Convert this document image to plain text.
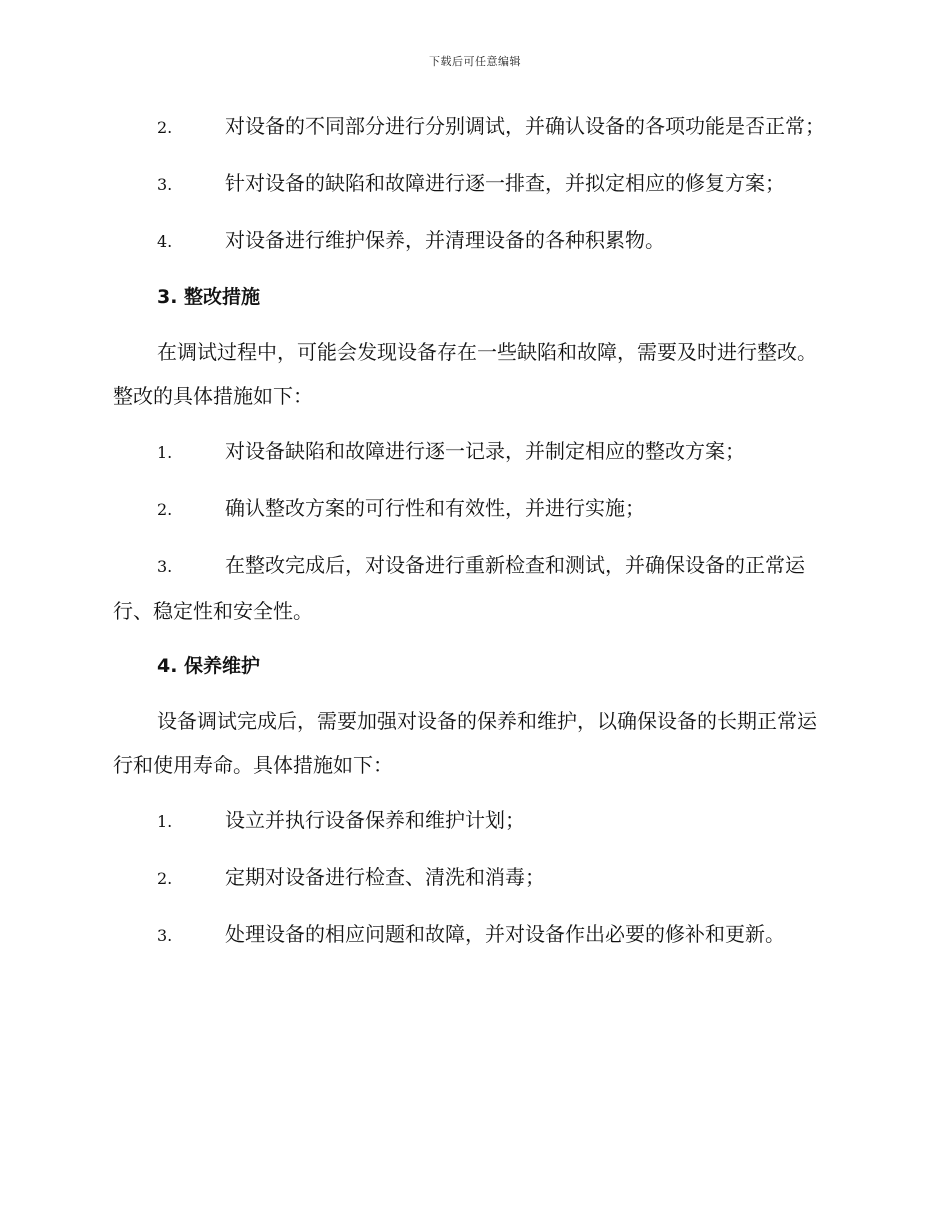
下载后可任意编辑

2.	对设备的不同部分进行分别调试，并确认设备的各项功能是否正常；

3.	针对设备的缺陷和故障进行逐一排查，并拟定相应的修复方案；

4.	对设备进行维护保养，并清理设备的各种积累物。

3. 整改措施

在调试过程中，可能会发现设备存在一些缺陷和故障，需要及时进行整改。整改的具体措施如下：

1.	对设备缺陷和故障进行逐一记录，并制定相应的整改方案；

2.	确认整改方案的可行性和有效性，并进行实施；

3.	在整改完成后，对设备进行重新检查和测试，并确保设备的正常运行、稳定性和安全性。

4. 保养维护

设备调试完成后，需要加强对设备的保养和维护，以确保设备的长期正常运行和使用寿命。具体措施如下：

1.	设立并执行设备保养和维护计划；

2.	定期对设备进行检查、清洗和消毒；

3.	处理设备的相应问题和故障，并对设备作出必要的修补和更新。
